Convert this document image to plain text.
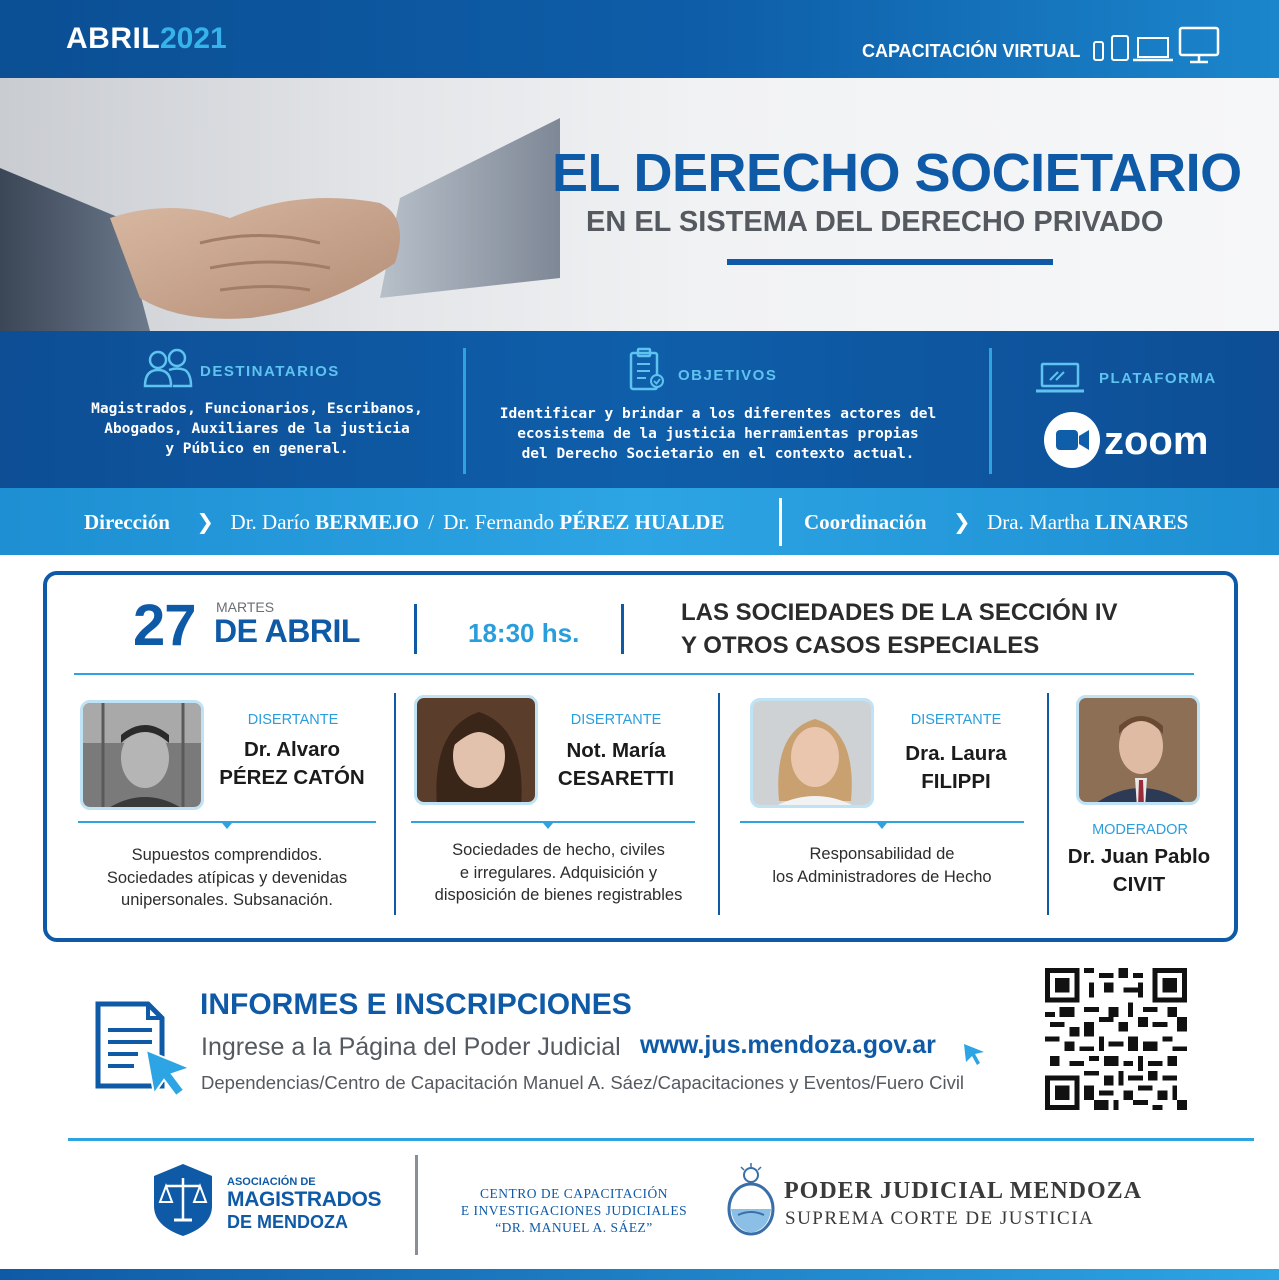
ABRIL 2021	CAPACITACIÓN VIRTUAL
EL DERECHO SOCIETARIO
EN EL SISTEMA DEL DERECHO PRIVADO
DESTINATARIOS
Magistrados, Funcionarios, Escribanos,
Abogados, Auxiliares de la justicia
y Público en general.
OBJETIVOS
Identificar y brindar a los diferentes actores del
ecosistema de la justicia herramientas propias
del Derecho Societario en el contexto actual.
PLATAFORMA
zoom
Dirección ❯ Dr. Darío BERMEJO / Dr. Fernando PÉREZ HUALDE	Coordinación ❯ Dra. Martha LINARES
27 MARTES
DE ABRIL	18:30 hs.
LAS SOCIEDADES DE LA SECCIÓN IV
Y OTROS CASOS ESPECIALES
DISERTANTE
Dr. Alvaro
PÉREZ CATÓN
Supuestos comprendidos.
Sociedades atípicas y devenidas
unipersonales. Subsanación.
DISERTANTE
Not. María
CESARETTI
Sociedades de hecho, civiles
e irregulares. Adquisición y
disposición de bienes registrables
DISERTANTE
Dra. Laura
FILIPPI
Responsabilidad de
los Administradores de Hecho
MODERADOR
Dr. Juan Pablo
CIVIT
INFORMES E INSCRIPCIONES
Ingrese a la Página del Poder Judicial www.jus.mendoza.gov.ar
Dependencias/Centro de Capacitación Manuel A. Sáez/Capacitaciones y Eventos/Fuero Civil
ASOCIACIÓN DE
MAGISTRADOS
DE MENDOZA
CENTRO DE CAPACITACIÓN
E INVESTIGACIONES JUDICIALES
“DR. MANUEL A. SÁEZ”
PODER JUDICIAL MENDOZA
SUPREMA CORTE DE JUSTICIA
